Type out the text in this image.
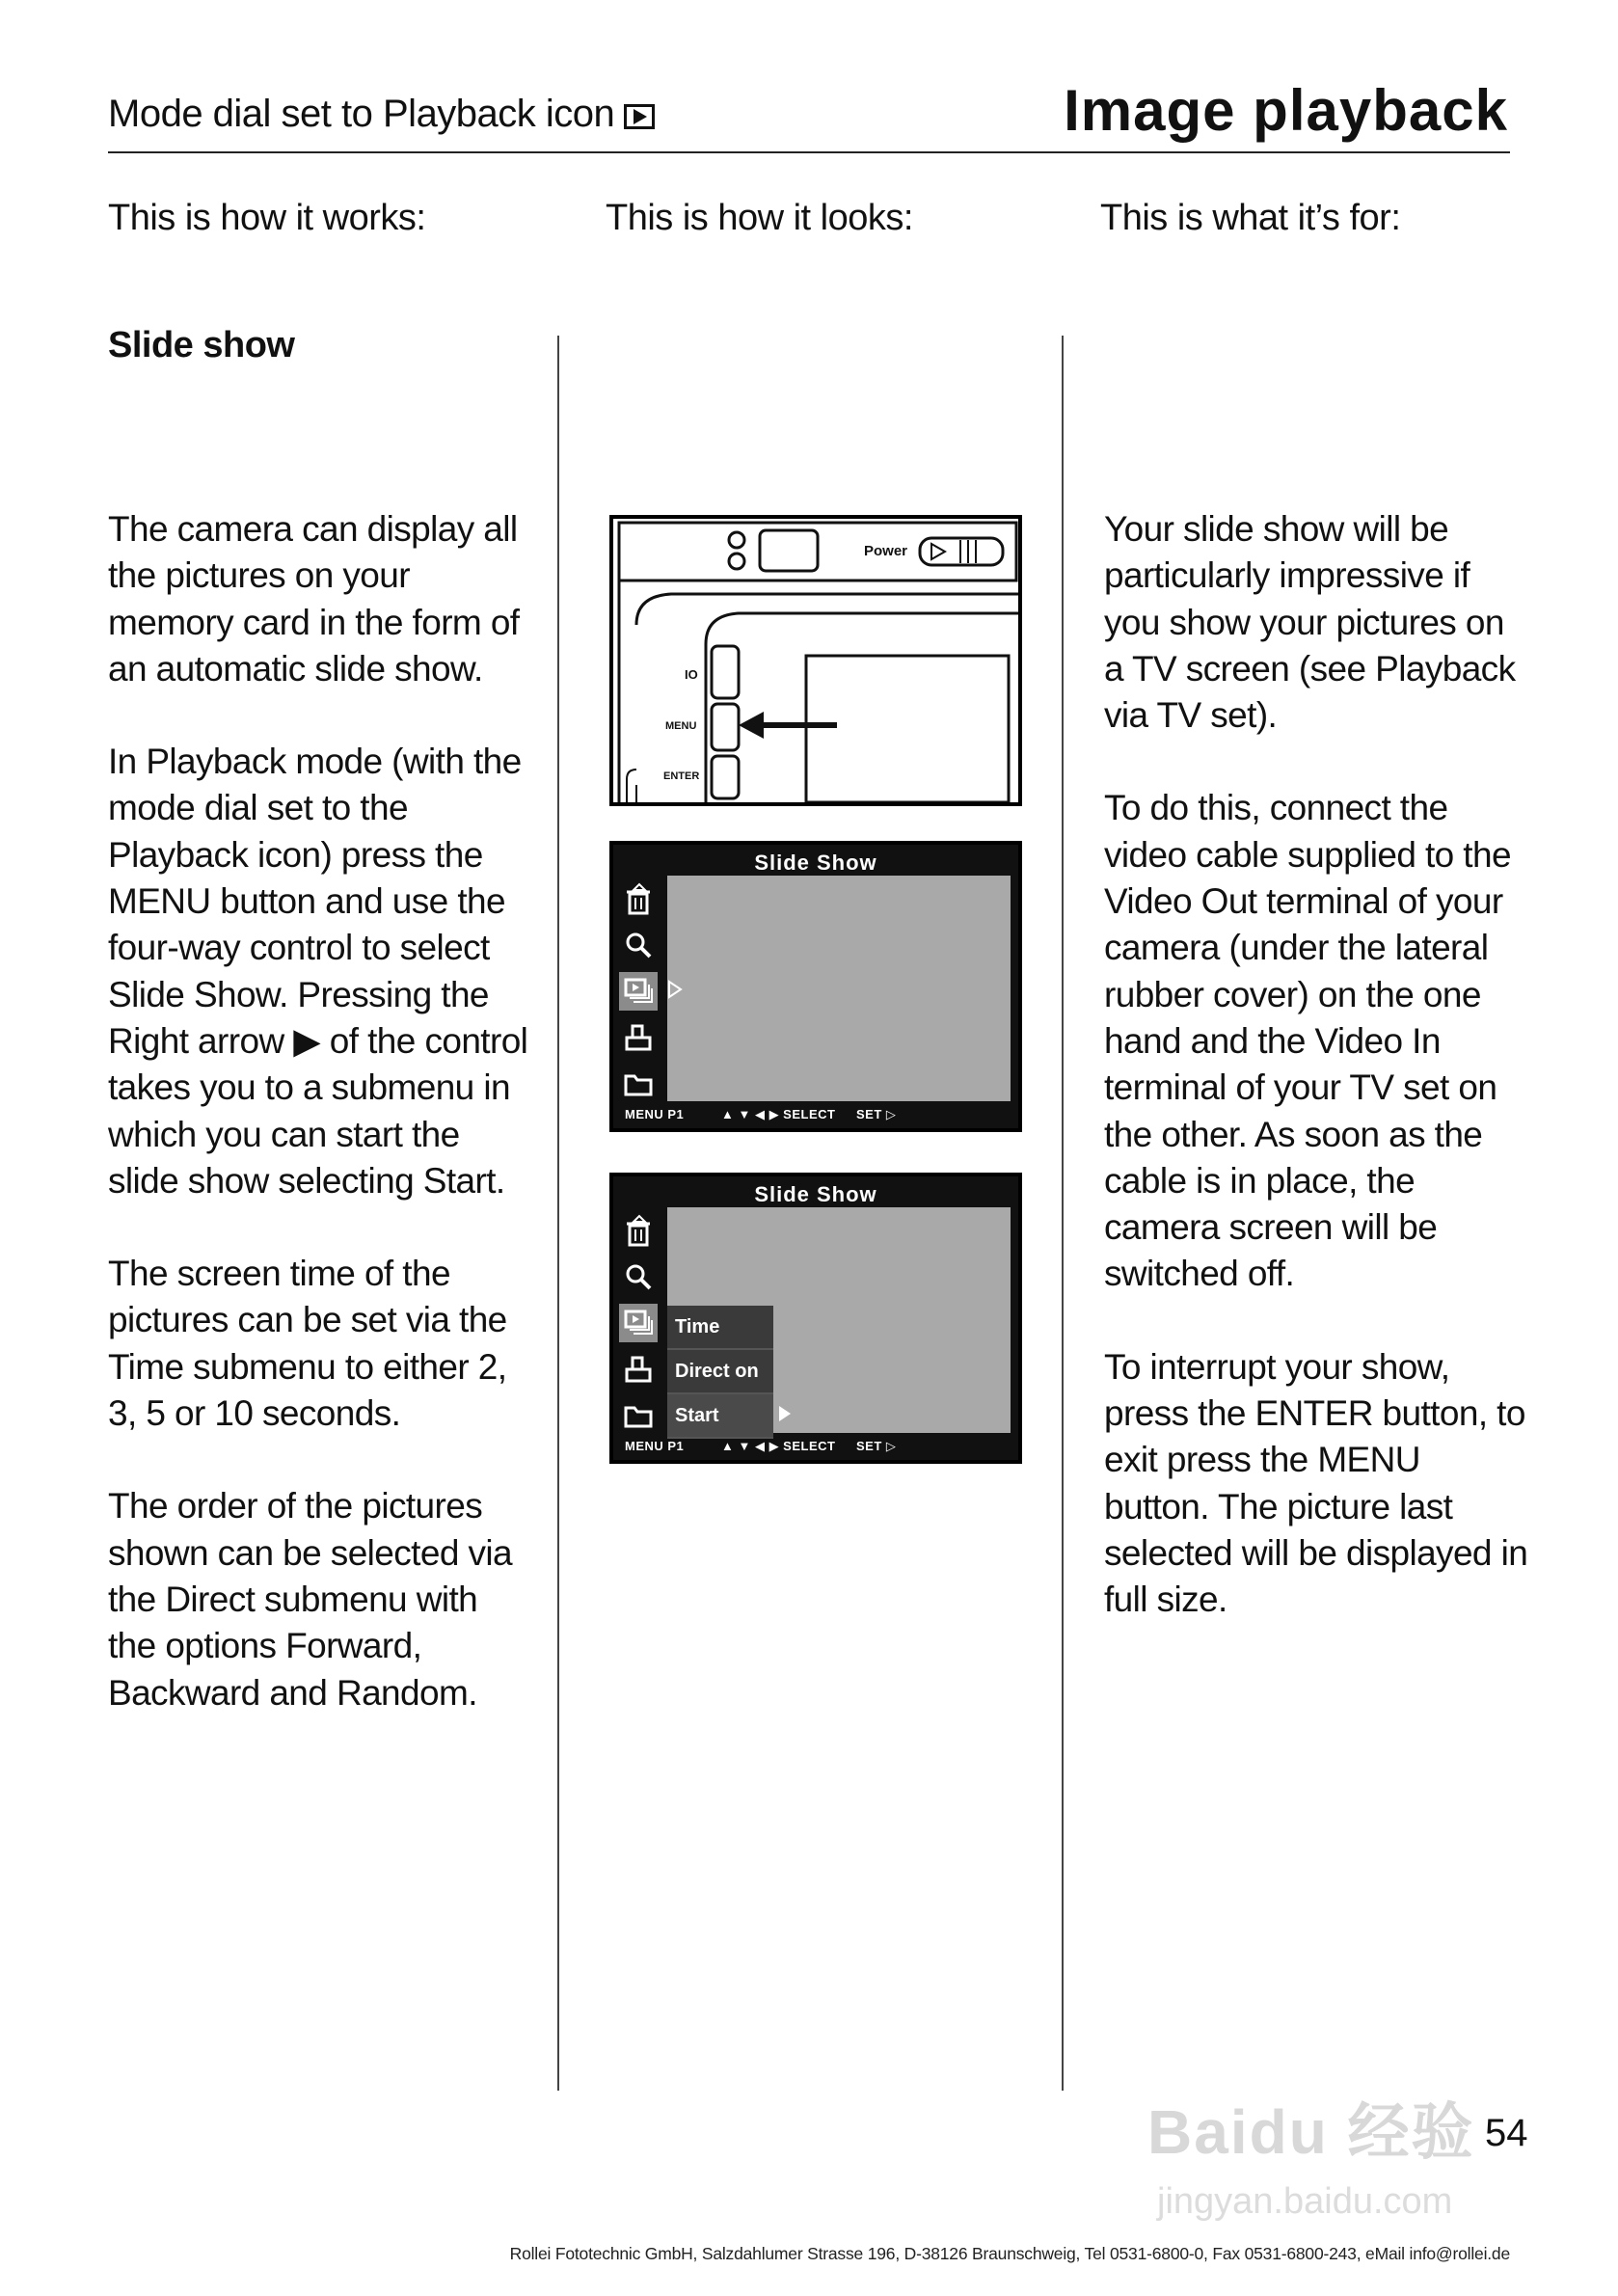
Mode dial set to Playback icon	Image playback
This is how it works:	This is how it looks:	This is what it’s for:
Slide show

The camera can display all the pictures on your memory card in the form of an automatic slide show.

In Playback mode (with the mode dial set to the Playback icon) press the MENU button and use the four-way control to select Slide Show. Pressing the Right arrow ▶ of the control takes you to a submenu in which you can start the slide show selecting Start.

The screen time of the pictures can be set via the Time submenu to either 2, 3, 5 or 10 seconds.

The order of the pictures shown can be selected via the Direct submenu with the options Forward, Backward and Random.

Your slide show will be particularly impressive if you show your pictures on a TV screen (see Playback via TV set).

To do this, connect the video cable supplied to the Video Out terminal of your camera (under the lateral rubber cover) on the one hand and the Video In terminal of your TV set on the other. As soon as the cable is in place, the camera screen will be switched off.

To interrupt your show, press the ENTER button, to exit press the MENU button. The picture last selected will be displayed in full size.

Power
IO
MENU
ENTER
Slide Show
MENU P1	▲ ▼ ◀ ▶ SELECT SET ▷
Slide Show
Time
Direct on
Start
MENU P1	▲ ▼ ◀ ▶ SELECT SET ▷
Baidu 经验
jingyan.baidu.com
54
Rollei Fototechnic GmbH, Salzdahlumer Strasse 196, D-38126 Braunschweig, Tel 0531-6800-0, Fax 0531-6800-243, eMail info@rollei.de
